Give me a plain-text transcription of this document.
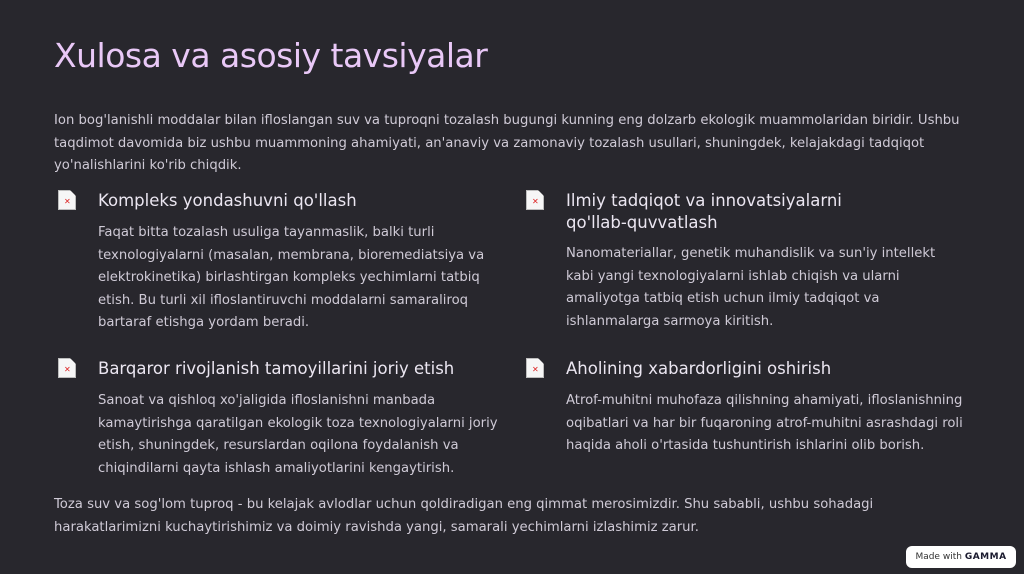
Xulosa va asosiy tavsiyalar

Ion bog'lanishli moddalar bilan ifloslangan suv va tuproqni tozalash bugungi kunning eng dolzarb ekologik muammolaridan biridir. Ushbu taqdimot davomida biz ushbu muammoning ahamiyati, an'anaviy va zamonaviy tozalash usullari, shuningdek, kelajakdagi tadqiqot yo'nalishlarini ko'rib chiqdik.

✕ Kompleks yondashuvni qo'llash

Faqat bitta tozalash usuliga tayanmaslik, balki turli texnologiyalarni (masalan, membrana, bioremediatsiya va elektrokinetika) birlashtirgan kompleks yechimlarni tatbiq etish. Bu turli xil ifloslantiruvchi moddalarni samaraliroq bartaraf etishga yordam beradi.

✕ Ilmiy tadqiqot va innovatsiyalarni qo'llab-quvvatlash

Nanomateriallar, genetik muhandislik va sun'iy intellekt kabi yangi texnologiyalarni ishlab chiqish va ularni amaliyotga tatbiq etish uchun ilmiy tadqiqot va ishlanmalarga sarmoya kiritish.

✕ Barqaror rivojlanish tamoyillarini joriy etish

Sanoat va qishloq xo'jaligida ifloslanishni manbada kamaytirishga qaratilgan ekologik toza texnologiyalarni joriy etish, shuningdek, resurslardan oqilona foydalanish va chiqindilarni qayta ishlash amaliyotlarini kengaytirish.

✕ Aholining xabardorligini oshirish

Atrof-muhitni muhofaza qilishning ahamiyati, ifloslanishning oqibatlari va har bir fuqaroning atrof-muhitni asrashdagi roli haqida aholi o'rtasida tushuntirish ishlarini olib borish.

Toza suv va sog'lom tuproq - bu kelajak avlodlar uchun qoldiradigan eng qimmat merosimizdir. Shu sababli, ushbu sohadagi harakatlarimizni kuchaytirishimiz va doimiy ravishda yangi, samarali yechimlarni izlashimiz zarur.

Made with GAMMA
